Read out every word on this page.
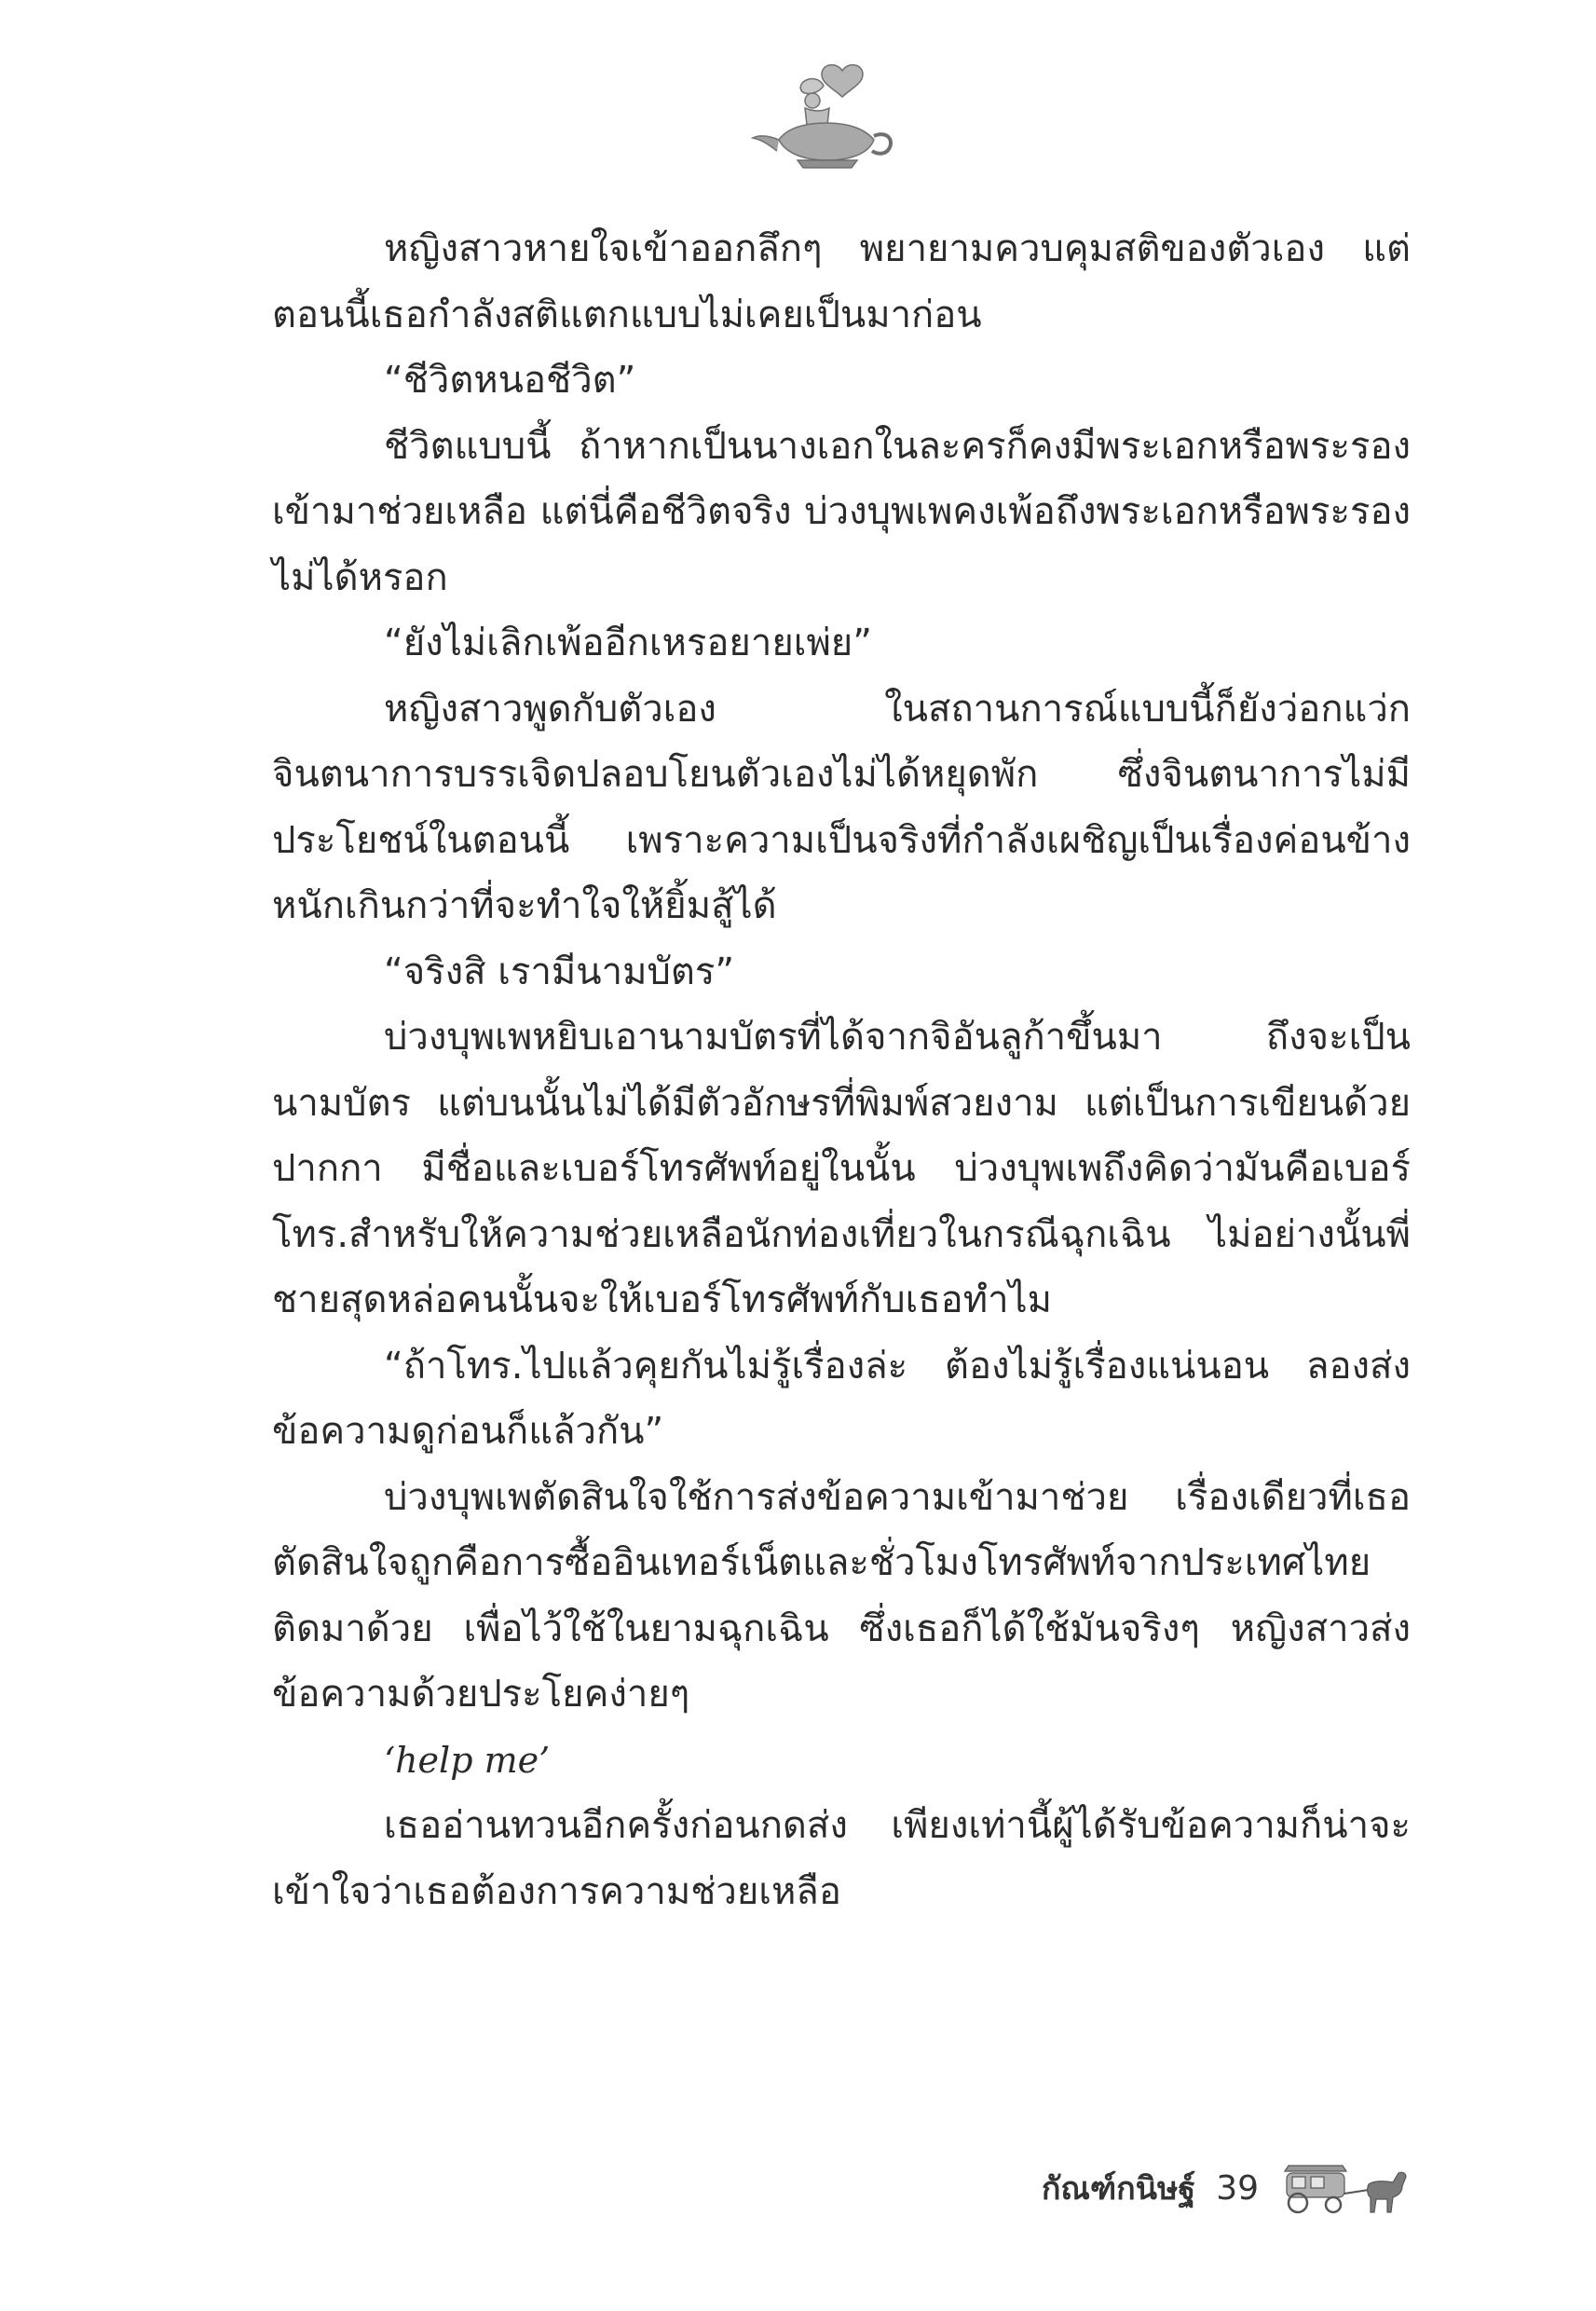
หญิงสาวหายใจเข้าออกลึกๆ พยายามควบคุมสติของตัวเอง แต่ตอนนี้เธอกำลังสติแตกแบบไม่เคยเป็นมาก่อน

“ชีวิตหนอชีวิต”

ชีวิตแบบนี้ ถ้าหากเป็นนางเอกในละครก็คงมีพระเอกหรือพระรองเข้ามาช่วยเหลือ แต่นี่คือชีวิตจริง บ่วงบุพเพคงเพ้อถึงพระเอกหรือพระรองไม่ได้หรอก

“ยังไม่เลิกเพ้ออีกเหรอยายเพ่ย”

หญิงสาวพูดกับตัวเอง ในสถานการณ์แบบนี้ก็ยังว่อกแว่กจินตนาการบรรเจิดปลอบโยนตัวเองไม่ได้หยุดพัก ซึ่งจินตนาการไม่มีประโยชน์ในตอนนี้ เพราะความเป็นจริงที่กำลังเผชิญเป็นเรื่องค่อนข้างหนักเกินกว่าที่จะทำใจให้ยิ้มสู้ได้

“จริงสิ เรามีนามบัตร”

บ่วงบุพเพหยิบเอานามบัตรที่ได้จากจิอันลูก้าขึ้นมา ถึงจะเป็นนามบัตร แต่บนนั้นไม่ได้มีตัวอักษรที่พิมพ์สวยงาม แต่เป็นการเขียนด้วยปากกา มีชื่อและเบอร์โทรศัพท์อยู่ในนั้น บ่วงบุพเพถึงคิดว่ามันคือเบอร์โทร.สำหรับให้ความช่วยเหลือนักท่องเที่ยวในกรณีฉุกเฉิน ไม่อย่างนั้นพี่ชายสุดหล่อคนนั้นจะให้เบอร์โทรศัพท์กับเธอทำไม

“ถ้าโทร.ไปแล้วคุยกันไม่รู้เรื่องล่ะ ต้องไม่รู้เรื่องแน่นอน ลองส่งข้อความดูก่อนก็แล้วกัน”

บ่วงบุพเพตัดสินใจใช้การส่งข้อความเข้ามาช่วย เรื่องเดียวที่เธอตัดสินใจถูกคือการซื้ออินเทอร์เน็ตและชั่วโมงโทรศัพท์จากประเทศไทยติดมาด้วย เพื่อไว้ใช้ในยามฉุกเฉิน ซึ่งเธอก็ได้ใช้มันจริงๆ หญิงสาวส่งข้อความด้วยประโยคง่ายๆ

‘help me’

เธออ่านทวนอีกครั้งก่อนกดส่ง เพียงเท่านี้ผู้ได้รับข้อความก็น่าจะเข้าใจว่าเธอต้องการความช่วยเหลือ

กัณฑ์กนิษฐ์ 39
